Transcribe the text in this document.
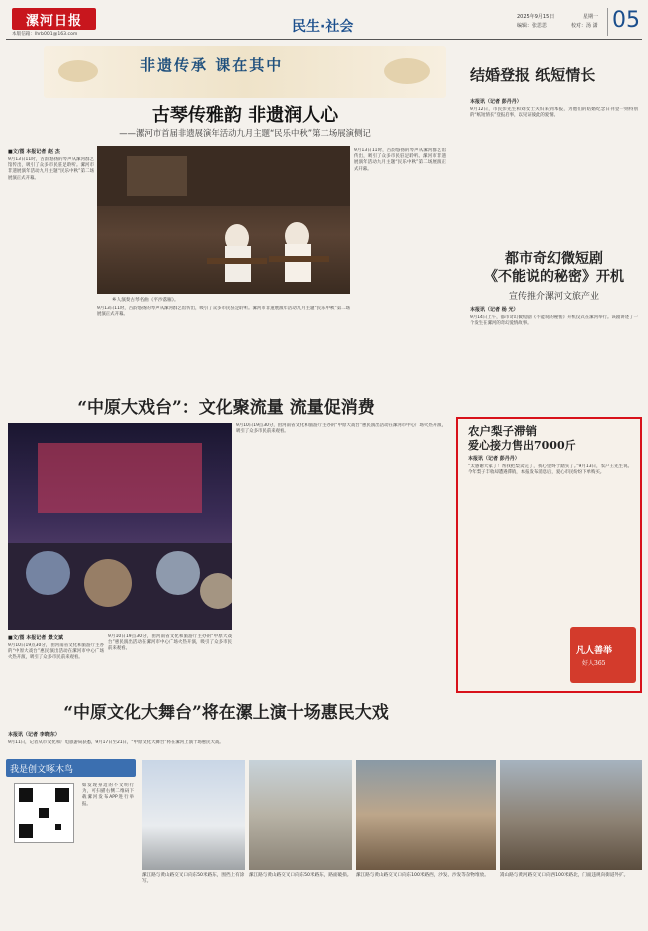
漯河日报
本版信箱：lhrb001@163.com	民生·社会
2025年9月15日	星期一
编辑：张思思	校对：汤 潇 05
非遗传承 课在其中
古琴传雅韵 非遗润人心
——漯河市首届非遗展演年活动九月主题“民乐中秋”第二场展演侧记
■文/图 本报记者 赵 杰
9月13日11时，古韵悠扬的琴声从漯河群艺馆传出，吸引了众多市民驻足聆听。漯河市非遗展演年活动九月主题“民乐中秋”第二场展演正式开幕。
乡人演奏古琴名曲《平沙落雁》。
9月13日11时，古韵悠扬的琴声从漯河群艺馆传出，吸引了众多市民驻足聆听。漯河市非遗展演年活动九月主题“民乐中秋”第二场展演正式开幕。
9月13日11时，古韵悠扬的琴声从漯河群艺馆传出，吸引了众多市民驻足聆听。漯河市非遗展演年活动九月主题“民乐中秋”第二场展演正式开幕。
结婚登报 纸短情长
本报讯（记者 彭丹丹）
9月12日，市民彭先生和刘女士夫妇来到本报，为他们的结婚纪念日刊登一则特别的“纸短情长”登报启事，以见证彼此的爱情。
都市奇幻微短剧
《不能说的秘密》开机
宣传推介漯河文旅产业
本报讯（记者 杨 光）
9月14日上午，都市奇幻微短剧《不能说的秘密》开机仪式在漯河举行。该剧讲述了一个发生在漯河的奇幻爱情故事。
“中原大戏台”：文化聚流量 流量促消费
■文/图 本报记者 景文斌
9月10日19点30分，由河南省文化和旅游厅主办的“中原大戏台”惠民演出活动在漯河市中心广场火热开演，吸引了众多市民前来观看。
9月10日19点30分，由河南省文化和旅游厅主办的“中原大戏台”惠民演出活动在漯河市中心广场火热开演，吸引了众多市民前来观看。
9月10日19点30分，由河南省文化和旅游厅主办的“中原大戏台”惠民演出活动在漯河市中心广场火热开演，吸引了众多市民前来观看。	农户梨子滞销
爱心接力售出7000斤
本报讯（记者 彭丹丹）
“太感谢大家了！帮我把梨卖完了，我心里终于踏实了。”9月13日，农户王先生说。今年梨子丰收却遭遇滞销，本报发布消息后，爱心市民纷纷下单购买。
凡人善举
好人365
“中原文化大舞台”将在漯上演十场惠民大戏
本报讯（记者 李晓东）
9月11日，记者从市文化和广电旅游局获悉，9月17日至21日，“中原文化大舞台”将在漯河上演十场惠民大戏。
我是创文啄木鸟
如发现身边的不文明行为，可扫描右侧二维码下载漯河发布APP进行举报。
漯江路与黄山路交叉口向东50米路东，围挡上有涂写。
漯江路与黄山路交叉口向东50米路东，路面破损。 漯江路与黄山路交叉口向东100米路西，沙发、沙发等杂物堆放。	嵩山路与黄河路交叉口向西100米路北，门面违规向街道外扩。
